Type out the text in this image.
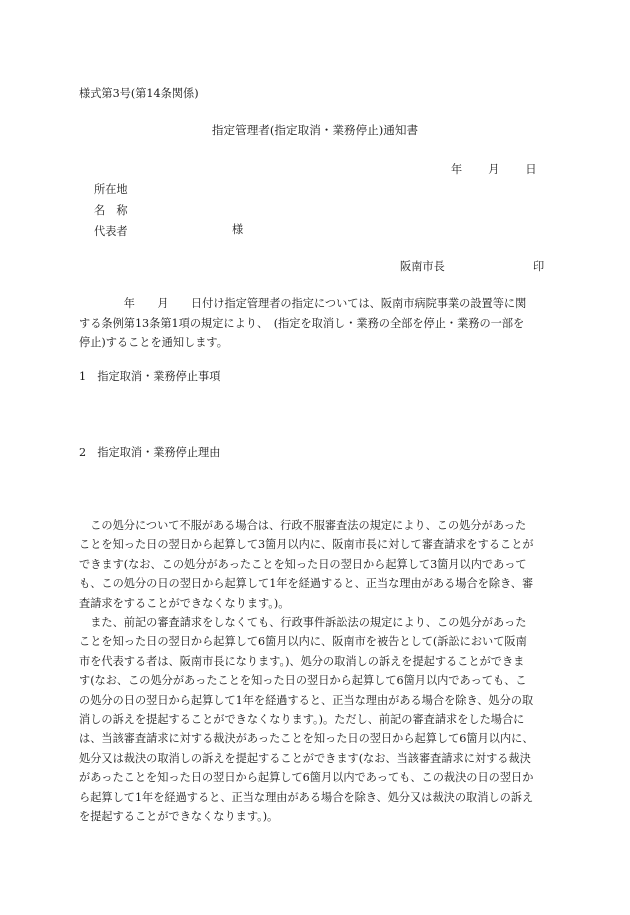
様式第3号(第14条関係)
指定管理者(指定取消・業務停止)通知書
年 月 日
所在地
名　称
代表者	様
阪南市長	印
　　　　年　　月　　日付け指定管理者の指定については、阪南市病院事業の設置等に関
する条例第13条第1項の規定により、　(指定を取消し・業務の全部を停止・業務の一部を
停止)することを通知します。
1　 指定取消・業務停止事項
2　 指定取消・業務停止理由
　この処分について不服がある場合は、行政不服審査法の規定により、この処分があった
ことを知った日の翌日から起算して3箇月以内に、阪南市長に対して審査請求をすることが
できます(なお、この処分があったことを知った日の翌日から起算して3箇月以内であって
も、この処分の日の翌日から起算して1年を経過すると、正当な理由がある場合を除き、審
査請求をすることができなくなります。)。
　また、前記の審査請求をしなくても、行政事件訴訟法の規定により、この処分があった
ことを知った日の翌日から起算して6箇月以内に、阪南市を被告として(訴訟において阪南
市を代表する者は、阪南市長になります。)、処分の取消しの訴えを提起することができま
す(なお、この処分があったことを知った日の翌日から起算して6箇月以内であっても、こ
の処分の日の翌日から起算して1年を経過すると、正当な理由がある場合を除き、処分の取
消しの訴えを提起することができなくなります。)。ただし、前記の審査請求をした場合に
は、当該審査請求に対する裁決があったことを知った日の翌日から起算して6箇月以内に、
処分又は裁決の取消しの訴えを提起することができます(なお、当該審査請求に対する裁決
があったことを知った日の翌日から起算して6箇月以内であっても、この裁決の日の翌日か
ら起算して1年を経過すると、正当な理由がある場合を除き、処分又は裁決の取消しの訴え
を提起することができなくなります。)。
